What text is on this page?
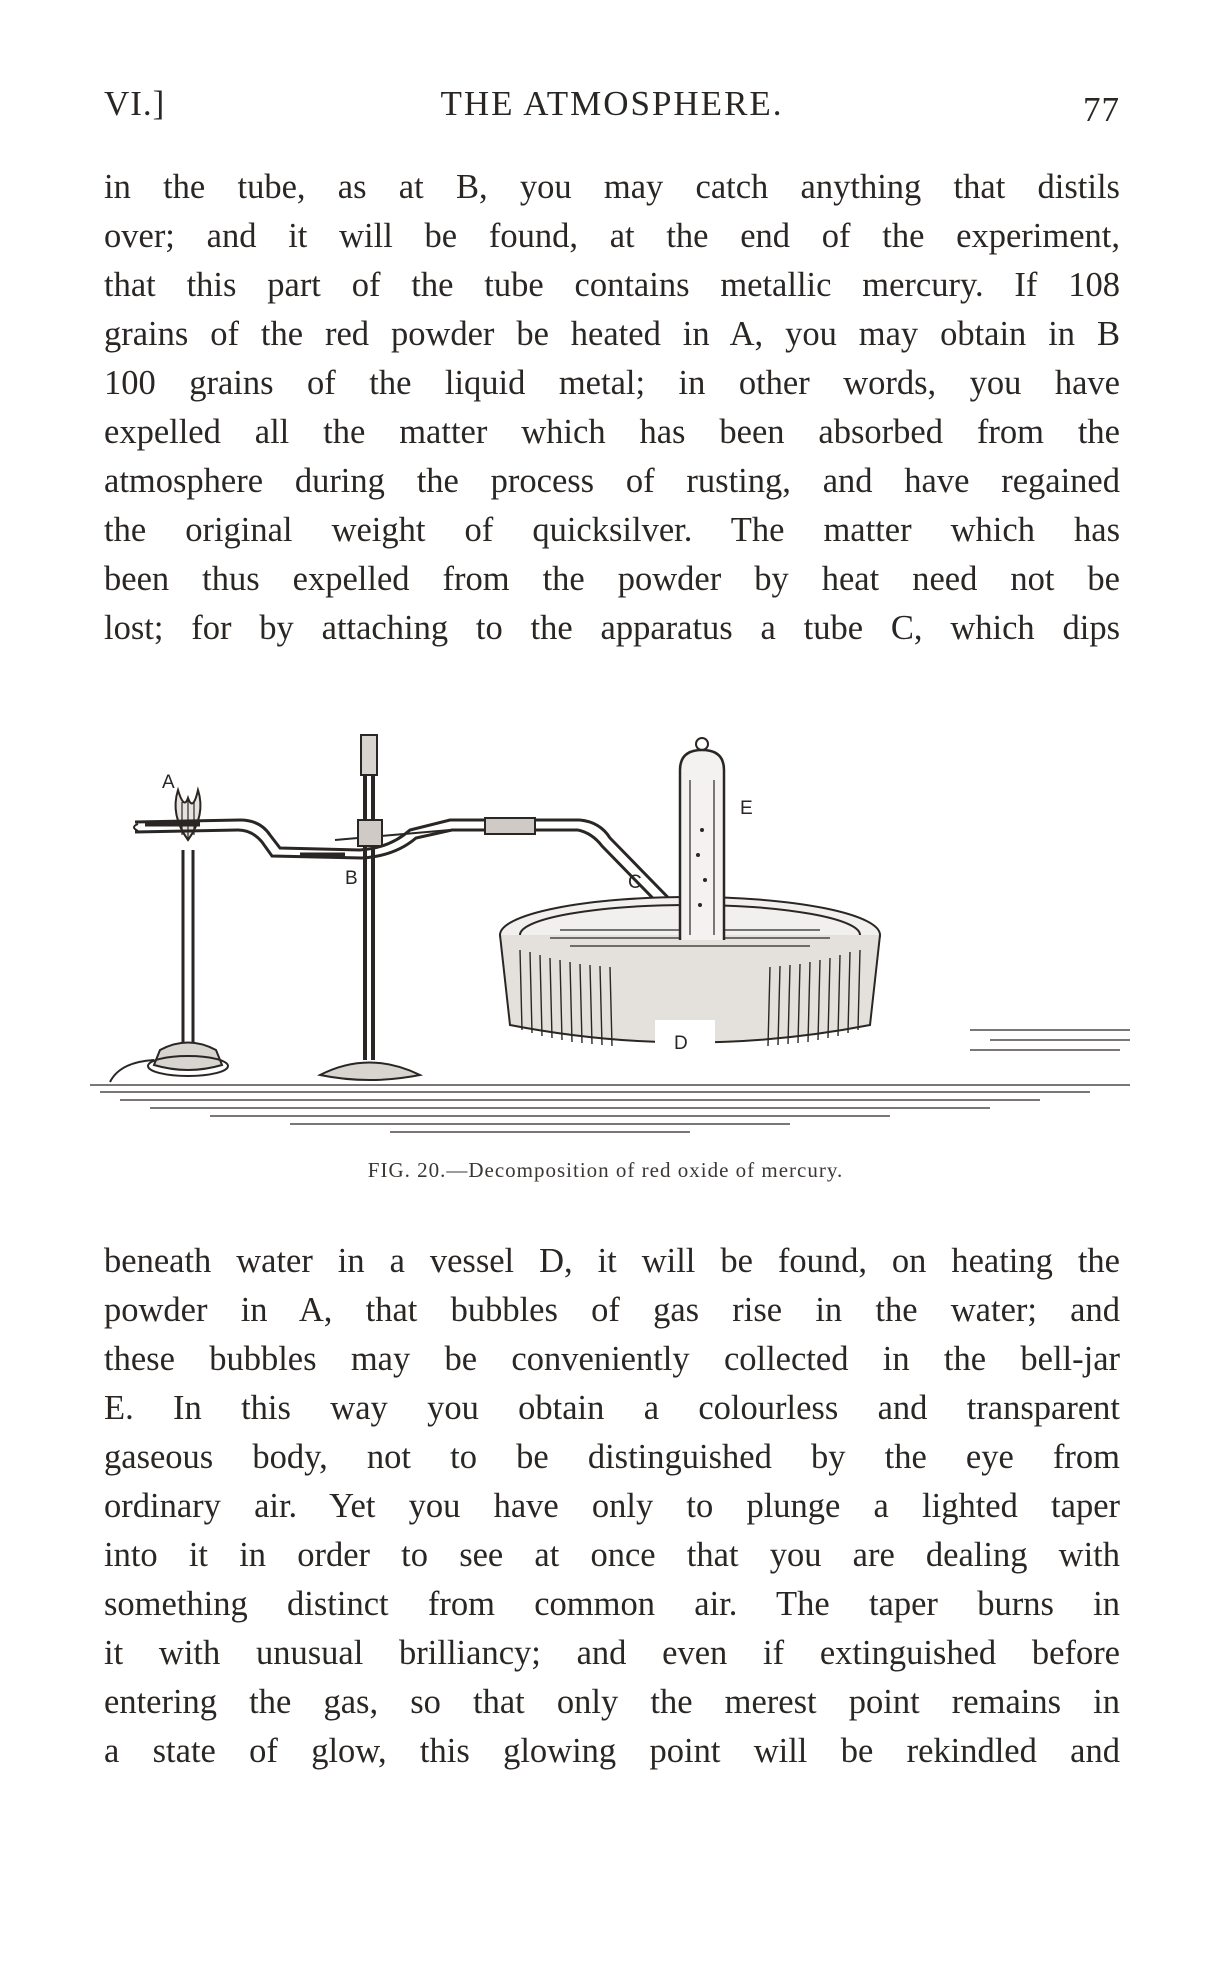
VI.]	THE ATMOSPHERE.	77
in the tube, as at B, you may catch anything that distils
over; and it will be found, at the end of the experiment,
that this part of the tube contains metallic mercury. If 108
grains of the red powder be heated in A, you may obtain in B
100 grains of the liquid metal; in other words, you have
expelled all the matter which has been absorbed from the
atmosphere during the process of rusting, and have regained
the original weight of quicksilver. The matter which has
been thus expelled from the powder by heat need not be
lost; for by attaching to the apparatus a tube C, which dips
A
B	C
D
E
FIG. 20.—Decomposition of red oxide of mercury.
beneath water in a vessel D, it will be found, on heating the
powder in A, that bubbles of gas rise in the water; and
these bubbles may be conveniently collected in the bell-jar
E. In this way you obtain a colourless and transparent
gaseous body, not to be distinguished by the eye from
ordinary air. Yet you have only to plunge a lighted taper
into it in order to see at once that you are dealing with
something distinct from common air. The taper burns in
it with unusual brilliancy; and even if extinguished before
entering the gas, so that only the merest point remains in
a state of glow, this glowing point will be rekindled and
